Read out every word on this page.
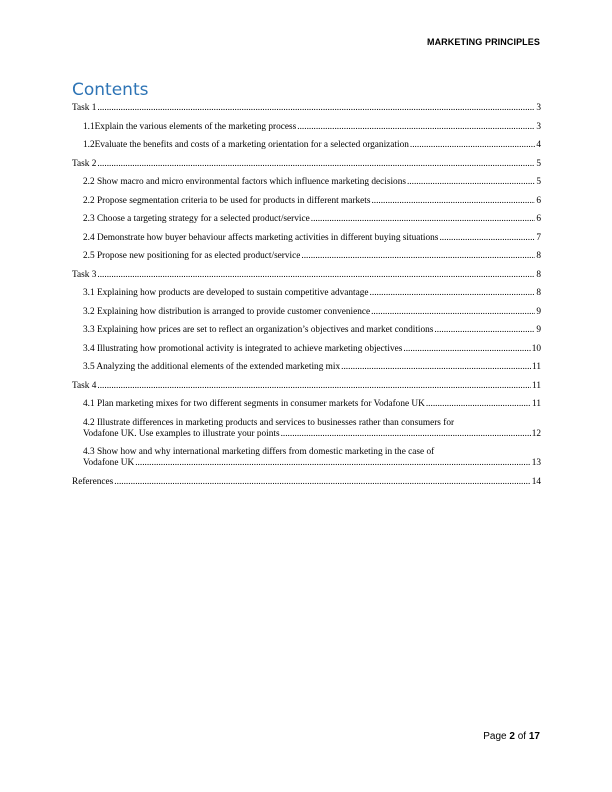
MARKETING PRINCIPLES
Contents
Task 1 .....	3
1.1 Explain the various elements of the marketing process .....	3
1.2 Evaluate the benefits and costs of a marketing orientation for a selected organization .....	4
Task 2 .....	5
2.2 Show macro and micro environmental factors which influence marketing decisions .....	5
2.2 Propose segmentation criteria to be used for products in different markets .....	6
2.3 Choose a targeting strategy for a selected product/service .....	6
2.4 Demonstrate how buyer behaviour affects marketing activities in different buying situations .....	7
2.5 Propose new positioning for as elected product/service .....	8
Task 3 .....	8
3.1 Explaining how products are developed to sustain competitive advantage .....	8
3.2 Explaining how distribution is arranged to provide customer convenience .....	9
3.3 Explaining how prices are set to reflect an organization’s objectives and market conditions .....	9
3.4 Illustrating how promotional activity is integrated to achieve marketing objectives .....	10
3.5 Analyzing the additional elements of the extended marketing mix .....	11
Task 4 .....	11
4.1 Plan marketing mixes for two different segments in consumer markets for Vodafone UK .....	11
4.2 Illustrate differences in marketing products and services to businesses rather than consumers for
Vodafone UK. Use examples to illustrate your points .....	12
4.3 Show how and why international marketing differs from domestic marketing in the case of
Vodafone UK .....	13
References .....	14
Page 2 of 17
